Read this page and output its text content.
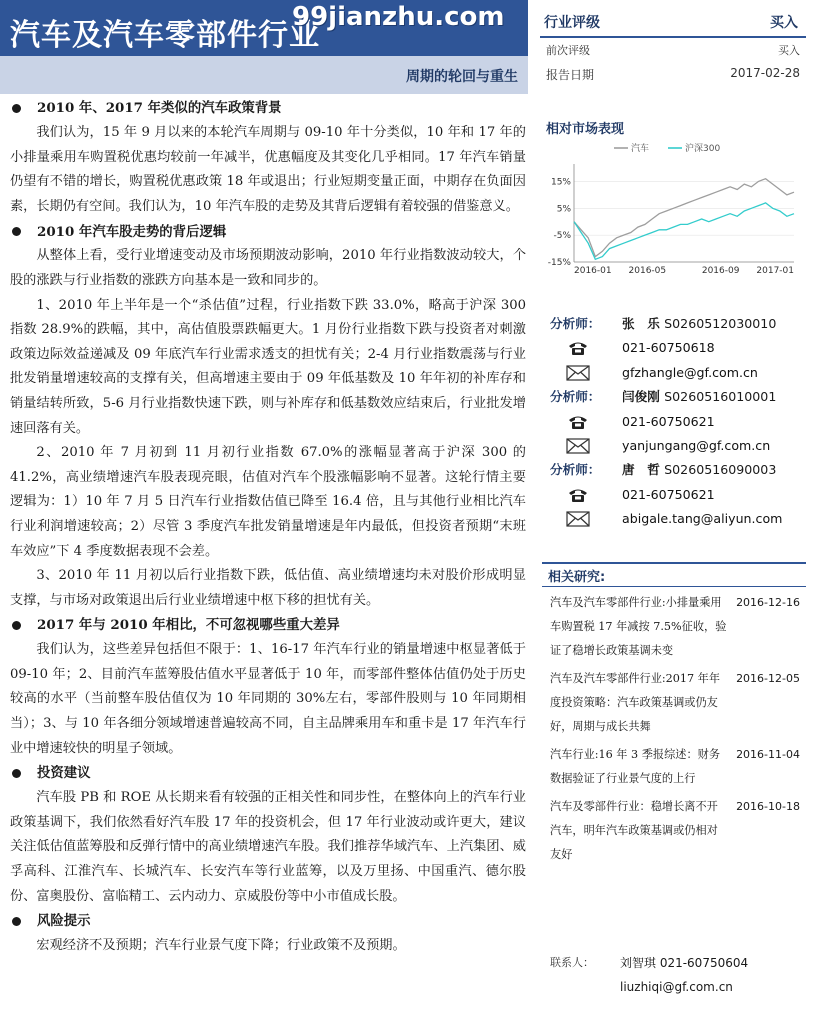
汽车及汽车零部件行业
99jianzhu.com
周期的轮回与重生
2010 年、2017 年类似的汽车政策背景

我们认为，15 年 9 月以来的本轮汽车周期与 09-10 年十分类似，10 年和 17 年的小排量乘用车购置税优惠均较前一年减半，优惠幅度及其变化几乎相同。17 年汽车销量仍望有不错的增长，购置税优惠政策 18 年或退出；行业短期变量正面，中期存在负面因素，长期仍有空间。我们认为，10 年汽车股的走势及其背后逻辑有着较强的借鉴意义。

2010 年汽车股走势的背后逻辑

从整体上看，受行业增速变动及市场预期波动影响，2010 年行业指数波动较大，个股的涨跌与行业指数的涨跌方向基本是一致和同步的。

1、2010 年上半年是一个“杀估值”过程，行业指数下跌 33.0%，略高于沪深 300 指数 28.9%的跌幅，其中，高估值股票跌幅更大。1 月份行业指数下跌与投资者对刺激政策边际效益递减及 09 年底汽车行业需求透支的担忧有关；2-4 月行业指数震荡与行业批发销量增速较高的支撑有关，但高增速主要由于 09 年低基数及 10 年年初的补库存和销量结转所致，5-6 月行业指数快速下跌，则与补库存和低基数效应结束后，行业批发增速回落有关。

2、2010 年 7 月初到 11 月初行业指数 67.0%的涨幅显著高于沪深 300 的 41.2%，高业绩增速汽车股表现亮眼，估值对汽车个股涨幅影响不显著。这轮行情主要逻辑为：1）10 年 7 月 5 日汽车行业指数估值已降至 16.4 倍，且与其他行业相比汽车行业利润增速较高；2）尽管 3 季度汽车批发销量增速是年内最低，但投资者预期“末班车效应”下 4 季度数据表现不会差。

3、2010 年 11 月初以后行业指数下跌，低估值、高业绩增速均未对股价形成明显支撑，与市场对政策退出后行业业绩增速中枢下移的担忧有关。

2017 年与 2010 年相比，不可忽视哪些重大差异

我们认为，这些差异包括但不限于：1、16-17 年汽车行业的销量增速中枢显著低于 09-10 年；2、目前汽车蓝筹股估值水平显著低于 10 年，而零部件整体估值仍处于历史较高的水平（当前整车股估值仅为 10 年同期的 30%左右，零部件股则与 10 年同期相当）；3、与 10 年各细分领域增速普遍较高不同，自主品牌乘用车和重卡是 17 年汽车行业中增速较快的明星子领域。

投资建议

汽车股 PB 和 ROE 从长期来看有较强的正相关性和同步性，在整体向上的汽车行业政策基调下，我们依然看好汽车股 17 年的投资机会，但 17 年行业波动或许更大，建议关注低估值蓝筹股和反弹行情中的高业绩增速汽车股。我们推荐华域汽车、上汽集团、威孚高科、江淮汽车、长城汽车、长安汽车等行业蓝筹，以及万里扬、中国重汽、德尔股份、富奥股份、富临精工、云内动力、京威股份等中小市值成长股。

风险提示

宏观经济不及预期；汽车行业景气度下降；行业政策不及预期。

行业评级	买入
前次评级	买入
报告日期	2017-02-28
相对市场表现
汽车	沪深300
15%
5%
-5%
-15%
2016-01 2016-05	2016-09 2017-01
分析师： 张　乐 S0260512030010
021-60750618
gfzhangle@gf.com.cn
分析师： 闫俊刚 S0260516010001
021-60750621
yanjungang@gf.com.cn
分析师： 唐　哲 S0260516090003
021-60750621
abigale.tang@aliyun.com
相关研究:
汽车及汽车零部件行业:小排量乘用车购置税 17 年减按 7.5%征收，验证了稳增长政策基调未变
2016-12-16
汽车及汽车零部件行业:2017 年年度投资策略：汽车政策基调或仍友好，周期与成长共舞
2016-12-05
汽车行业:16 年 3 季报综述：财务数据验证了行业景气度的上行
2016-11-04
汽车及零部件行业：稳增长离不开汽车，明年汽车政策基调或仍相对友好
2016-10-18
联系人： 刘智琪 021-60750604
liuzhiqi@gf.com.cn
